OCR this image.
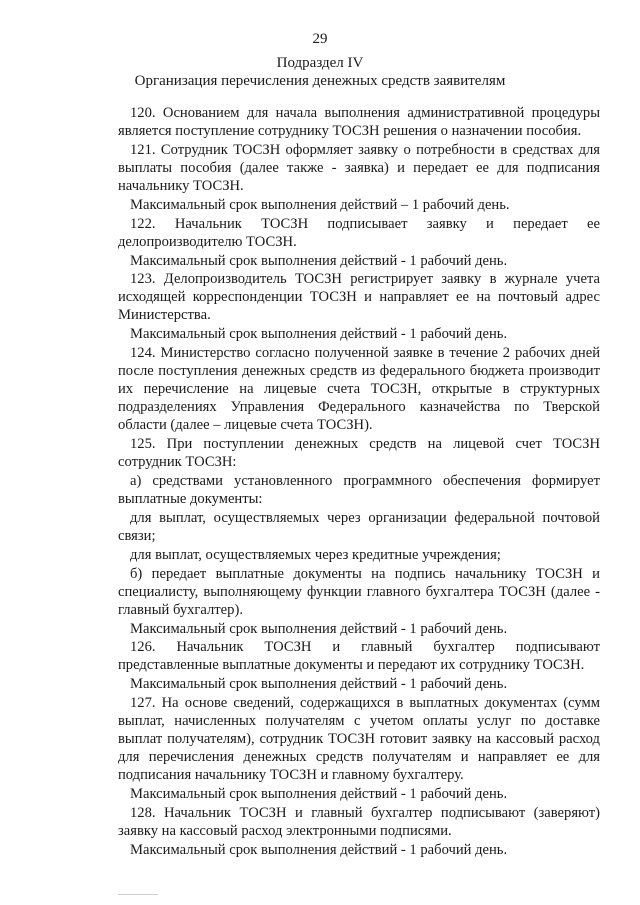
29
Подраздел IV
Организация перечисления денежных средств заявителям

120. Основанием для начала выполнения административной процедуры является поступление сотруднику ТОСЗН решения о назначении пособия.

121. Сотрудник ТОСЗН оформляет заявку о потребности в средствах для выплаты пособия (далее также - заявка) и передает ее для подписания начальнику ТОСЗН.

Максимальный срок выполнения действий – 1 рабочий день.

122. Начальник ТОСЗН подписывает заявку и передает ее делопроизводителю ТОСЗН.

Максимальный срок выполнения действий - 1 рабочий день.

123. Делопроизводитель ТОСЗН регистрирует заявку в журнале учета исходящей корреспонденции ТОСЗН и направляет ее на почтовый адрес Министерства.

Максимальный срок выполнения действий - 1 рабочий день.

124. Министерство согласно полученной заявке в течение 2 рабочих дней после поступления денежных средств из федерального бюджета производит их перечисление на лицевые счета ТОСЗН, открытые в структурных подразделениях Управления Федерального казначейства по Тверской области (далее – лицевые счета ТОСЗН).

125. При поступлении денежных средств на лицевой счет ТОСЗН сотрудник ТОСЗН:

а) средствами установленного программного обеспечения формирует выплатные документы:

для выплат, осуществляемых через организации федеральной почтовой связи;

для выплат, осуществляемых через кредитные учреждения;

б) передает выплатные документы на подпись начальнику ТОСЗН и специалисту, выполняющему функции главного бухгалтера ТОСЗН (далее - главный бухгалтер).

Максимальный срок выполнения действий - 1 рабочий день.

126. Начальник ТОСЗН и главный бухгалтер подписывают представленные выплатные документы и передают их сотруднику ТОСЗН.

Максимальный срок выполнения действий - 1 рабочий день.

127. На основе сведений, содержащихся в выплатных документах (сумм выплат, начисленных получателям с учетом оплаты услуг по доставке выплат получателям), сотрудник ТОСЗН готовит заявку на кассовый расход для перечисления денежных средств получателям и направляет ее для подписания начальнику ТОСЗН и главному бухгалтеру.

Максимальный срок выполнения действий - 1 рабочий день.

128. Начальник ТОСЗН и главный бухгалтер подписывают (заверяют) заявку на кассовый расход электронными подписями.

Максимальный срок выполнения действий - 1 рабочий день.
